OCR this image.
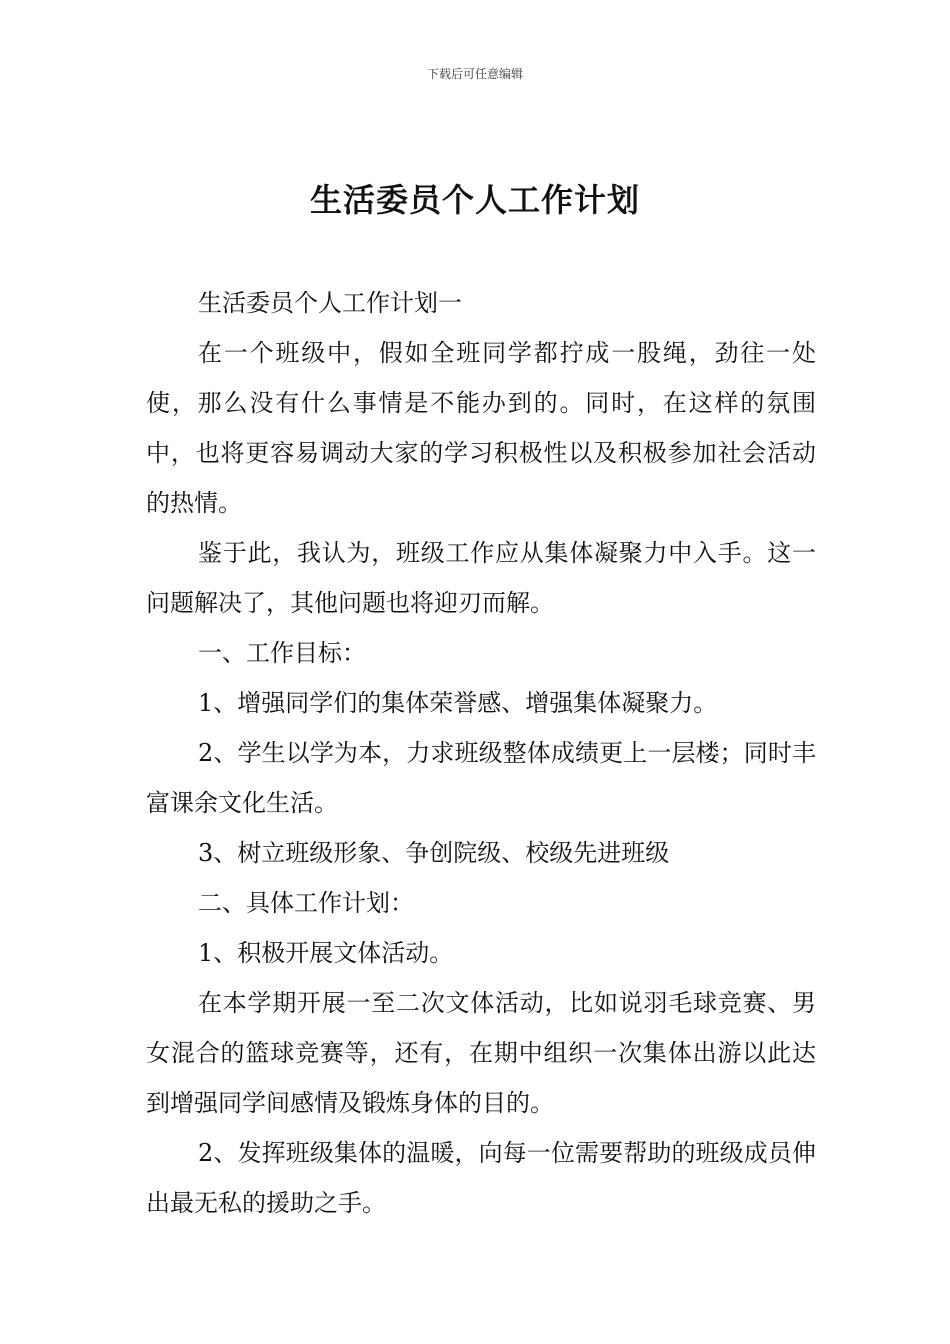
下载后可任意编辑
生活委员个人工作计划

生活委员个人工作计划一

在一个班级中，假如全班同学都拧成一股绳，劲往一处使，那么没有什么事情是不能办到的。同时，在这样的氛围中，也将更容易调动大家的学习积极性以及积极参加社会活动的热情。

鉴于此，我认为，班级工作应从集体凝聚力中入手。这一问题解决了，其他问题也将迎刃而解。

一、工作目标：

1、增强同学们的集体荣誉感、增强集体凝聚力。

2、学生以学为本，力求班级整体成绩更上一层楼；同时丰富课余文化生活。

3、树立班级形象、争创院级、校级先进班级

二、具体工作计划：

1、积极开展文体活动。

在本学期开展一至二次文体活动，比如说羽毛球竞赛、男女混合的篮球竞赛等，还有，在期中组织一次集体出游以此达到增强同学间感情及锻炼身体的目的。

2、发挥班级集体的温暖，向每一位需要帮助的班级成员伸出最无私的援助之手。
